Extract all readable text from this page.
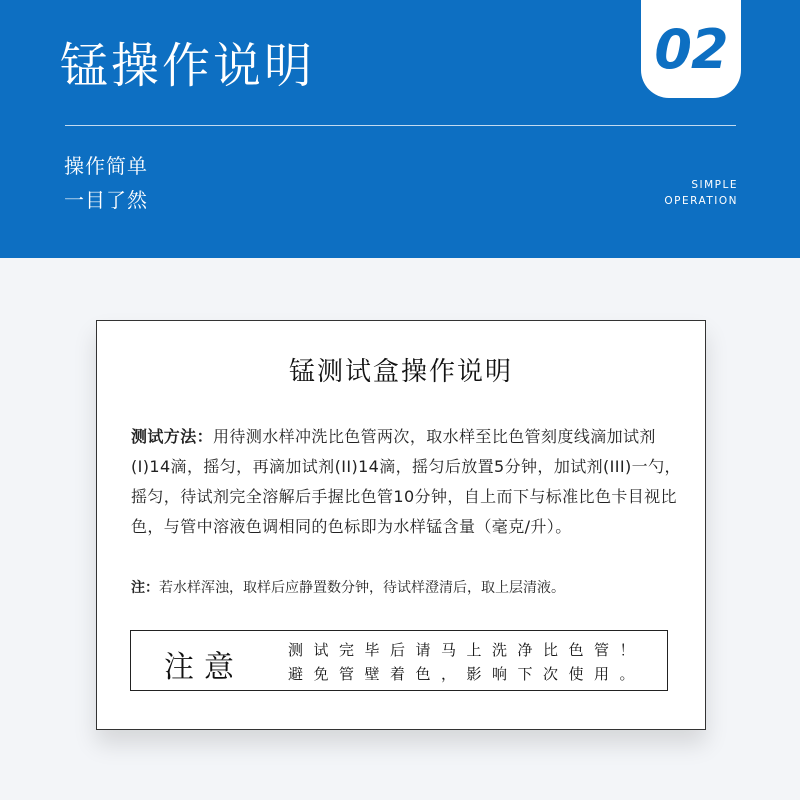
锰操作说明	02
操作简单
一目了然
SIMPLE
OPERATION
锰测试盒操作说明

测试方法：用待测水样冲洗比色管两次，取水样至比色管刻度线滴加试剂(I)14滴，摇匀，再滴加试剂(II)14滴，摇匀后放置5分钟，加试剂(III)一勺，摇匀，待试剂完全溶解后手握比色管10分钟，自上而下与标准比色卡目视比色，与管中溶液色调相同的色标即为水样锰含量（毫克/升）。

注：若水样浑浊，取样后应静置数分钟，待试样澄清后，取上层清液。

注意	测试完毕后请马上洗净比色管！
避免管壁着色，影响下次使用。
